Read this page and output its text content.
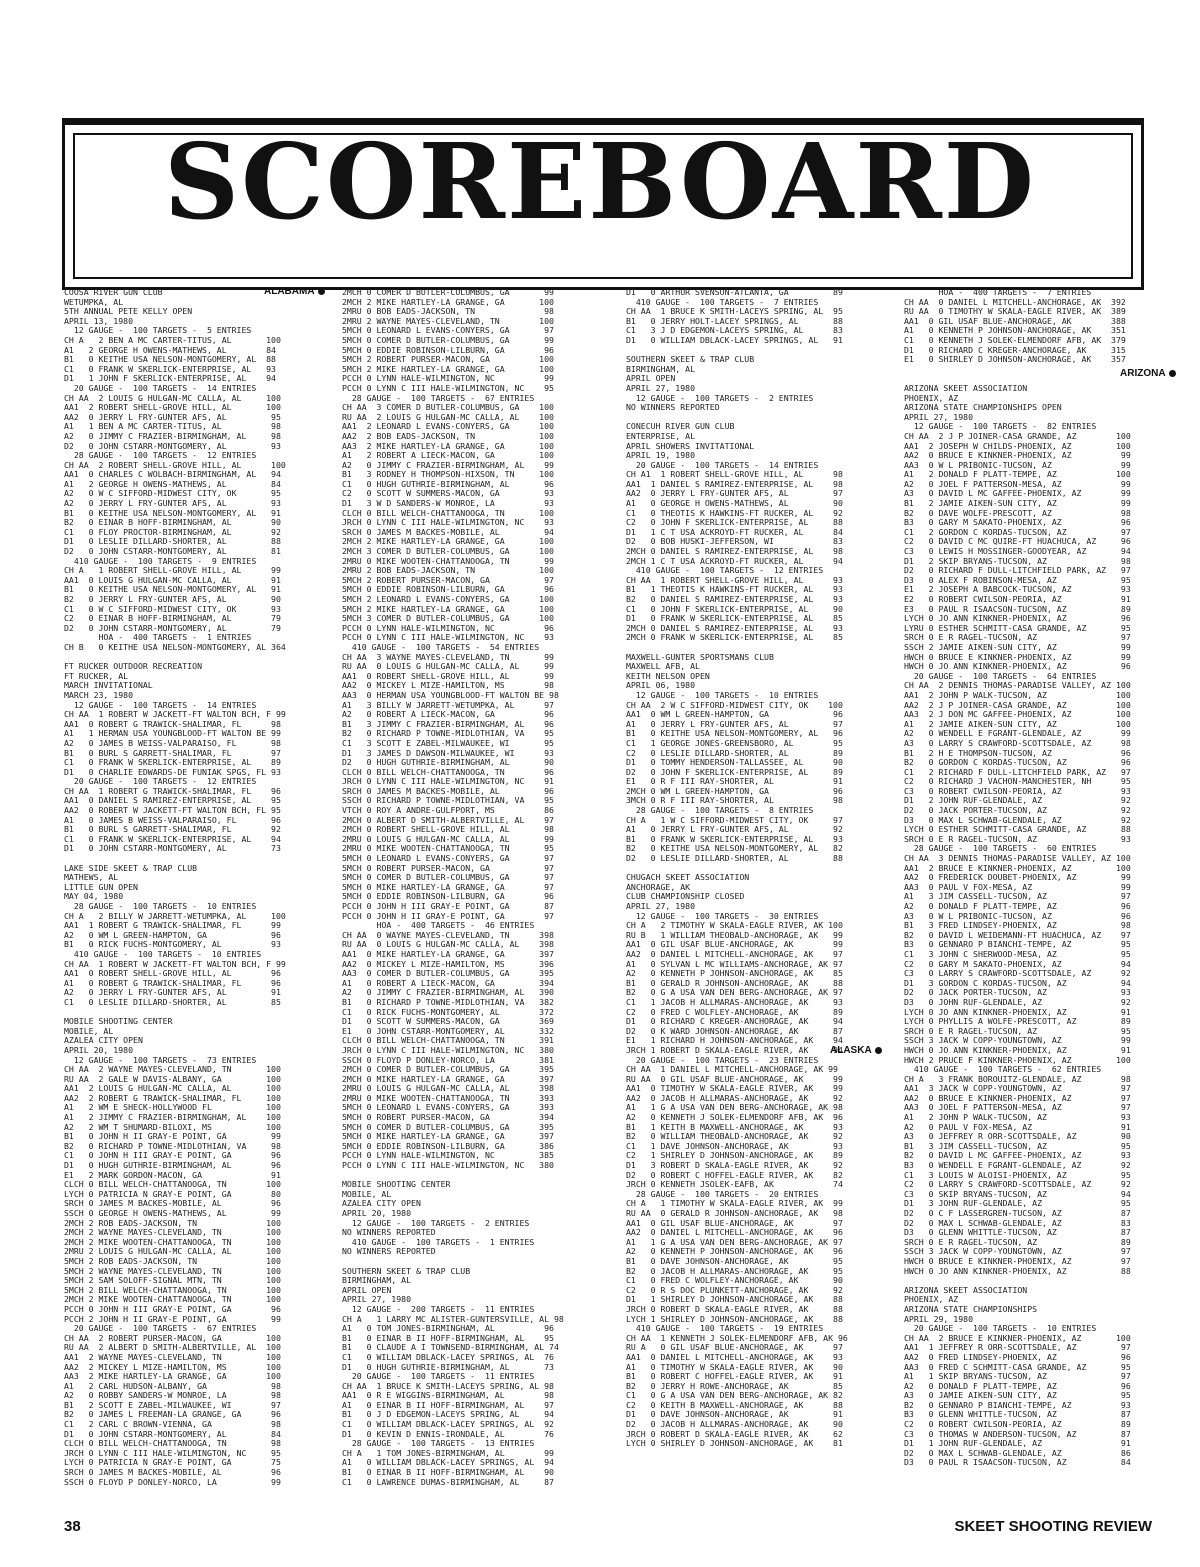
SCOREBOARD
COOSA RIVER GUN CLUB
WETUMPKA, AL
5TH ANNUAL PETE KELLY OPEN
APRIL 13, 1980
12 GAUGE -  100 TARGETS -  5 ENTRIES
CH A   2 BEN A MC CARTER-TITUS, AL       100
A1   2 GEORGE H OWENS-MATHEWS, AL        84
B1   0 KEITHE USA NELSON-MONTGOMERY, AL  88
C1   0 FRANK W SKERLICK-ENTERPRISE, AL   93
D1   1 JOHN F SKERLICK-ENTERPRISE, AL    94
20 GAUGE -  100 TARGETS -  14 ENTRIES
CH AA  2 LOUIS G HULGAN-MC CALLA, AL     100
AA1  2 ROBERT SHELL-GROVE HILL, AL       100
AA2  0 JERRY L FRY-GUNTER AFS, AL         95
A1   1 BEN A MC CARTER-TITUS, AL          98
A2   0 JIMMY C FRAZIER-BIRMINGHAM, AL     98
D2   0 JOHN CSTARR-MONTGOMERY, AL         93
28 GAUGE -  100 TARGETS -  12 ENTRIES
CH AA  2 ROBERT SHELL-GROVE HILL, AL      100
AA1  0 CHARLES C WOLBACH-BIRMINGHAM, AL   94
A1   2 GEORGE H OWENS-MATHEWS, AL         84
A2   0 W C SIFFORD-MIDWEST CITY, OK       95
A2   0 JERRY L FRY-GUNTER AFS, AL         93
B1   0 KEITHE USA NELSON-MONTGOMERY, AL   91
B2   0 EINAR B HOFF-BIRMINGHAM, AL        90
C1   0 FLOY PROCTOR-BIRMINGHAM, AL        92
D1   0 LESLIE DILLARD-SHORTER, AL         88
D2   0 JOHN CSTARR-MONTGOMERY, AL         81
410 GAUGE -  100 TARGETS -  9 ENTRIES
CH A   1 ROBERT SHELL-GROVE HILL, AL      99
AA1  0 LOUIS G HULGAN-MC CALLA, AL        91
B1   0 KEITHE USA NELSON-MONTGOMERY, AL   91
B2   0 JERRY L FRY-GUNTER AFS, AL         90
C1   0 W C SIFFORD-MIDWEST CITY, OK       93
C2   0 EINAR B HOFF-BIRMINGHAM, AL        79
D2   0 JOHN CSTARR-MONTGOMERY, AL         79
HOA -  400 TARGETS -  1 ENTRIES
CH B   0 KEITHE USA NELSON-MONTGOMERY, AL 364
FT RUCKER OUTDOOR RECREATION
FT RUCKER, AL
MARCH INVITATIONAL
MARCH 23, 1980
12 GAUGE -  100 TARGETS -  14 ENTRIES
CH AA  1 ROBERT W JACKETT-FT WALTON BCH, F 99
AA1  0 ROBERT G TRAWICK-SHALIMAR, FL      98
A1   1 HERMAN USA YOUNGBLOOD-FT WALTON BE 99
A2   0 JAMES B WEISS-VALPARAISO, FL       98
B1   0 BURL S GARRETT-SHALIMAR, FL        97
C1   0 FRANK W SKERLICK-ENTERPRISE, AL    89
D1   0 CHARLIE EDWARDS-DE FUNIAK SPGS, FL 93
20 GAUGE -  100 TARGETS -  12 ENTRIES
CH AA  1 ROBERT G TRAWICK-SHALIMAR, FL    96
AA1  0 DANIEL S RAMIREZ-ENTERPRISE, AL    95
AA2  0 ROBERT W JACKETT-FT WALTON BCH, FL 95
A1   0 JAMES B WEISS-VALPARAISO, FL       96
B1   0 BURL S GARRETT-SHALIMAR, FL        92
C1   0 FRANK W SKERLICK-ENTERPRISE, AL    94
D1   0 JOHN CSTARR-MONTGOMERY, AL         73
LAKE SIDE SKEET & TRAP CLUB
MATHEWS, AL
LITTLE GUN OPEN
MAY 04, 1980
28 GAUGE -  100 TARGETS -  10 ENTRIES
CH A   2 BILLY W JARRETT-WETUMPKA, AL     100
AA1  1 ROBERT G TRAWICK-SHALIMAR, FL      99
A2   0 WM L GREEN-HAMPTON, GA             96
B1   0 RICK FUCHS-MONTGOMERY, AL          93
410 GAUGE -  100 TARGETS -  10 ENTRIES
CH AA  1 ROBERT W JACKETT-FT WALTON BCH, F 99
AA1  0 ROBERT SHELL-GROVE HILL, AL        96
A1   0 ROBERT G TRAWICK-SHALIMAR, FL      96
A2   0 JERRY L FRY-GUNTER AFS, AL         91
C1   0 LESLIE DILLARD-SHORTER, AL         85
MOBILE SHOOTING CENTER
MOBILE, AL
AZALEA CITY OPEN
APRIL 20, 1980
12 GAUGE -  100 TARGETS -  73 ENTRIES
CH AA  2 WAYNE MAYES-CLEVELAND, TN       100
RU AA  2 GALE W DAVIS-ALBANY, GA         100
AA1  2 LOUIS G HULGAN-MC CALLA, AL       100
AA2  2 ROBERT G TRAWICK-SHALIMAR, FL     100
A1   2 WM E SHECK-HOLLYWOOD FL           100
A1   2 JIMMY C FRAZIER-BIRMINGHAM, AL    100
A2   2 WM T SHUMARD-BILOXI, MS           100
B1   0 JOHN H II GRAY-E POINT, GA         99
B2   0 RICHARD P TOWNE-MIDLOTHIAN, VA     98
C1   0 JOHN H III GRAY-E POINT, GA        96
D1   0 HUGH GUTHRIE-BIRMINGHAM, AL        96
E1   2 MARK GORDON-MACON, GA              91
CLCH 0 BILL WELCH-CHATTANOOGA, TN        100
LYCH 0 PATRICIA N GRAY-E POINT, GA        80
SRCH 0 JAMES M BACKES-MOBILE, AL          96
SSCH 0 GEORGE H OWENS-MATHEWS, AL         99
2MCH 2 ROB EADS-JACKSON, TN              100
2MCH 2 WAYNE MAYES-CLEVELAND, TN         100
2MCH 2 MIKE WOOTEN-CHATTANOOGA, TN       100
2MRU 2 LOUIS G HULGAN-MC CALLA, AL       100
5MCH 2 ROB EADS-JACKSON, TN              100
5MCH 2 WAYNE MAYES-CLEVELAND, TN         100
5MCH 2 SAM SOLOFF-SIGNAL MTN, TN         100
5MCH 2 BILL WELCH-CHATTANOOGA, TN        100
2MCH 2 MIKE WOOTEN-CHATTANOOGA, TN       100
PCCH 0 JOHN H III GRAY-E POINT, GA        96
PCCH 2 JOHN H II GRAY-E POINT, GA         99
20 GAUGE -  100 TARGETS -  67 ENTRIES
CH AA  2 ROBERT PURSER-MACON, GA         100
RU AA  2 ALBERT D SMITH-ALBERTVILLE, AL  100
AA1  2 WAYNE MAYES-CLEVELAND, TN         100
AA2  2 MICKEY L MIZE-HAMILTON, MS        100
AA3  2 MIKE HARTLEY-LA GRANGE, GA        100
A1   2 CARL HUDSON-ALBANY, GA             98
A2   0 ROBBY SANDERS-W MONROE, LA         98
B1   2 SCOTT E ZABEL-MILWAUKEE, WI        97
B2   0 JAMES L FREEMAN-LA GRANGE, GA      96
C1   2 CARL C BROWN-VIENNA, GA            98
D1   0 JOHN CSTARR-MONTGOMERY, AL         84
CLCH 0 BILL WELCH-CHATTANOOGA, TN         98
JRCH 0 LYNN C III HALE-WILMINGTON, NC     95
LYCH 0 PATRICIA N GRAY-E POINT, GA        75
SRCH 0 JAMES M BACKES-MOBILE, AL          96
SSCH 0 FLOYD P DONLEY-NORCO, LA           99
2MCH 0 COMER D BUTLER-COLUMBUS, GA       99
2MCH 2 MIKE HARTLEY-LA GRANGE, GA       100
2MRU 0 BOB EADS-JACKSON, TN              98
2MRU 2 WAYNE MAYES-CLEVELAND, TN        100
5MCH 0 LEONARD L EVANS-CONYERS, GA       97
5MCH 0 COMER D BUTLER-COLUMBUS, GA       99
5MCH 0 EDDIE ROBINSON-LILBURN, GA        96
5MCH 2 ROBERT PURSER-MACON, GA          100
5MCH 2 MIKE HARTLEY-LA GRANGE, GA       100
PCCH 0 LYNN HALE-WILMINGTON, NC          99
PCCH 0 LYNN C III HALE-WILMINGTON, NC    95
28 GAUGE -  100 TARGETS -  67 ENTRIES
CH AA  3 COMER D BUTLER-COLUMBUS, GA    100
RU AA  2 LOUIS G HULGAN-MC CALLA, AL    100
AA1  2 LEONARD L EVANS-CONYERS, GA      100
AA2  2 BOB EADS-JACKSON, TN             100
AA3  2 MIKE HARTLEY-LA GRANGE, GA       100
A1   2 ROBERT A LIECK-MACON, GA         100
A2   0 JIMMY C FRAZIER-BIRMINGHAM, AL    99
B1   3 RODNEY H THOMPSON-HIXSON, TN     100
C1   0 HUGH GUTHRIE-BIRMINGHAM, AL       96
C2   0 SCOTT W SUMMERS-MACON, GA         93
D1   3 W D SANDERS-W MONROE, LA          93
CLCH 0 BILL WELCH-CHATTANOOGA, TN       100
JRCH 0 LYNN C III HALE-WILMINGTON, NC    93
SRCH 0 JAMES M BACKES-MOBILE, AL         94
2MCH 2 MIKE HARTLEY-LA GRANGE, GA       100
2MCH 3 COMER D BUTLER-COLUMBUS, GA      100
2MRU 0 MIKE WOOTEN-CHATTANOOGA, TN       99
2MRU 2 BOB EADS-JACKSON, TN             100
5MCH 2 ROBERT PURSER-MACON, GA           97
5MCH 0 EDDIE ROBINSON-LILBURN, GA        96
5MCH 2 LEONARD L EVANS-CONYERS, GA      100
5MCH 2 MIKE HARTLEY-LA GRANGE, GA       100
5MCH 3 COMER D BUTLER-COLUMBUS, GA      100
PCCH 0 LYNN HALE-WILMINGTON, NC          96
PCCH 0 LYNN C III HALE-WILMINGTON, NC    93
410 GAUGE -  100 TARGETS -  54 ENTRIES
CH AA  3 WAYNE MAYES-CLEVELAND, TN       99
RU AA  0 LOUIS G HULGAN-MC CALLA, AL     99
AA1  0 ROBERT SHELL-GROVE HILL, AL       99
AA2  0 MICKEY L MIZE-HAMILTON, MS        98
AA3  0 HERMAN USA YOUNGBLOOD-FT WALTON BE 98
A1   3 BILLY W JARRETT-WETUMPKA, AL      97
A2   0 ROBERT A LIECK-MACON, GA          96
B1   3 JIMMY C FRAZIER-BIRMINGHAM, AL    96
B2   0 RICHARD P TOWNE-MIDLOTHIAN, VA    95
C1   3 SCOTT E ZABEL-MILWAUKEE, WI       95
D1   3 JAMES D DAWSON-MILWAUKEE, WI      93
D2   0 HUGH GUTHRIE-BIRMINGHAM, AL       90
CLCH 0 BILL WELCH-CHATTANOOGA, TN        96
JRCH 0 LYNN C III HALE-WILMINGTON, NC    91
SRCH 0 JAMES M BACKES-MOBILE, AL         96
SSCH 0 RICHARD P TOWNE-MIDLOTHIAN, VA    95
VTCH 0 ROY A ANDRE-GULFPORT, MS          86
2MCH 0 ALBERT D SMITH-ALBERTVILLE, AL    97
2MCH 0 ROBERT SHELL-GROVE HILL, AL       98
2MRU 0 LOUIS G HULGAN-MC CALLA, AL       99
2MRU 0 MIKE WOOTEN-CHATTANOOGA, TN       95
5MCH 0 LEONARD L EVANS-CONYERS, GA       97
5MCH 0 ROBERT PURSER-MACON, GA           97
5MCH 0 COMER D BUTLER-COLUMBUS, GA       97
5MCH 0 MIKE HARTLEY-LA GRANGE, GA        97
5MCH 0 EDDIE ROBINSON-LILBURN, GA        96
PCCH 0 JOHN H III GRAY-E POINT, GA       87
PCCH 0 JOHN H II GRAY-E POINT, GA        97
HOA -  400 TARGETS -  46 ENTRIES
CH AA  0 WAYNE MAYES-CLEVELAND, TN      398
RU AA  0 LOUIS G HULGAN-MC CALLA, AL    398
AA1  0 MIKE HARTLEY-LA GRANGE, GA       397
AA2  0 MICKEY L MIZE-HAMILTON, MS       396
AA3  0 COMER D BUTLER-COLUMBUS, GA      395
A1   0 ROBERT A LIECK-MACON, GA         394
A2   0 JIMMY C FRAZIER-BIRMINGHAM, AL   390
B1   0 RICHARD P TOWNE-MIDLOTHIAN, VA   382
C1   0 RICK FUCHS-MONTGOMERY, AL        372
D1   0 SCOTT W SUMMERS-MACON, GA        369
E1   0 JOHN CSTARR-MONTGOMERY, AL       332
CLCH 0 BILL WELCH-CHATTANOOGA, TN       391
JRCH 0 LYNN C III HALE-WILMINGTON, NC   380
SSCH 0 FLOYD P DONLEY-NORCO, LA         381
2MCH 0 COMER D BUTLER-COLUMBUS, GA      395
2MCH 0 MIKE HARTLEY-LA GRANGE, GA       397
2MRU 0 LOUIS G HULGAN-MC CALLA, AL      398
2MRU 0 MIKE WOOTEN-CHATTANOOGA, TN      393
5MCH 0 LEONARD L EVANS-CONYERS, GA      393
5MCH 0 ROBERT PURSER-MACON, GA          394
5MCH 0 COMER D BUTLER-COLUMBUS, GA      395
5MCH 0 MIKE HARTLEY-LA GRANGE, GA       397
5MCH 0 EDDIE ROBINSON-LILBURN, GA       386
PCCH 0 LYNN HALE-WILMINGTON, NC         385
PCCH 0 LYNN C III HALE-WILMINGTON, NC   380
MOBILE SHOOTING CENTER
MOBILE, AL
AZALEA CITY OPEN
APRIL 20, 1980
12 GAUGE -  100 TARGETS -  2 ENTRIES
NO WINNERS REPORTED
410 GAUGE -  100 TARGETS -  1 ENTRIES
NO WINNERS REPORTED
SOUTHERN SKEET & TRAP CLUB
BIRMINGHAM, AL
APRIL OPEN
APRIL 27, 1980
12 GAUGE -  200 TARGETS -  11 ENTRIES
CH A   1 LARRY MC ALISTER-GUNTERSVILLE, AL 98
A1   0 TOM JONES-BIRMINGHAM, AL          96
B1   0 EINAR B II HOFF-BIRMINGHAM, AL    95
B1   0 CLAUDE A I TOWNSEND-BIRMINGHAM, AL 74
C1   0 WILLIAM DBLACK-LACEY SPRINGS, AL  76
D1   0 HUGH GUTHRIE-BIRMINGHAM, AL       73
20 GAUGE -  100 TARGETS -  11 ENTRIES
CH AA  1 BRUCE K SMITH-LACEYS SPRING, AL 98
AA1  0 R E WIGGINS-BIRMINGHAM, AL        98
A1   0 EINAR B II HOFF-BIRMINGHAM, AL    97
B1   0 J D EDGEMON-LACEYS SPRING, AL     94
C1   0 WILLIAM DBLACK-LACEY SPRINGS, AL  92
D1   0 KEVIN D ENNIS-IRONDALE, AL        76
28 GAUGE -  100 TARGETS -  13 ENTRIES
CH A   1 TOM JONES-BIRMINGHAM, AL        99
A1   0 WILLIAM DBLACK-LACEY SPRINGS, AL  94
B1   0 EINAR B II HOFF-BIRMINGHAM, AL    90
C1   0 LAWRENCE DUMAS-BIRMINGHAM, AL     87
D1   0 ARTHUR SVENSON-ATLANTA, GA         89
410 GAUGE -  100 TARGETS -  7 ENTRIES
CH AA  1 BRUCE K SMITH-LACEYS SPRING, AL  95
B1   0 JERRY HOLT-LACEY SPRINGS, AL       88
C1   3 J D EDGEMON-LACEYS SPRING, AL      83
D1   0 WILLIAM DBLACK-LACEY SPRINGS, AL   91
SOUTHERN SKEET & TRAP CLUB
BIRMINGHAM, AL
APRIL OPEN
APRIL 27, 1980
12 GAUGE -  100 TARGETS -  2 ENTRIES
NO WINNERS REPORTED
CONECUH RIVER GUN CLUB
ENTERPRISE, AL
APRIL SHOWERS INVITATIONAL
APRIL 19, 1980
20 GAUGE -  100 TARGETS -  14 ENTRIES
CH A1  1 ROBERT SHELL-GROVE HILL, AL      98
AA1  1 DANIEL S RAMIREZ-ENTERPRISE, AL    98
AA2  0 JERRY L FRY-GUNTER AFS, AL         97
A1   0 GEORGE H OWENS-MATHEWS, AL         90
C1   0 THEOTIS K HAWKINS-FT RUCKER, AL    92
C2   0 JOHN F SKERLICK-ENTERPRISE, AL     88
D1   1 C T USA ACKROYD-FT RUCKER, AL      84
D2   0 BOB HUSKI-JEFFERSON, WI            83
2MCH 0 DANIEL S RAMIREZ-ENTERPRISE, AL    98
2MCH 1 C T USA ACKROYD-FT RUCKER, AL      94
410 GAUGE -  100 TARGETS -  12 ENTRIES
CH AA  1 ROBERT SHELL-GROVE HILL, AL      93
B1   1 THEOTIS K HAWKINS-FT RUCKER, AL    93
B2   0 DANIEL S RAMIREZ-ENTERPRISE, AL    93
C1   0 JOHN F SKERLICK-ENTERPRISE, AL     90
D1   0 FRANK W SKERLICK-ENTERPRISE, AL    85
2MCH 0 DANIEL S RAMIREZ-ENTERPRISE, AL    93
2MCH 0 FRANK W SKERLICK-ENTERPRISE, AL    85
MAXWELL-GUNTER SPORTSMANS CLUB
MAXWELL AFB, AL
KEITH NELSON OPEN
APRIL 06, 1980
12 GAUGE -  100 TARGETS -  10 ENTRIES
CH AA  2 W C SIFFORD-MIDWEST CITY, OK    100
AA1  0 WM L GREEN-HAMPTON, GA             96
A1   0 JERRY L FRY-GUNTER AFS, AL         97
B1   0 KEITHE USA NELSON-MONTGOMERY, AL   96
C1   1 GEORGE JONES-GREENSBORO, AL        95
C2   0 LESLIE DILLARD-SHORTER, AL         89
D1   0 TOMMY HENDERSON-TALLASSEE, AL      90
D2   0 JOHN F SKERLICK-ENTERPRISE, AL     89
E1   0 R F III RAY-SHORTER, AL            91
2MCH 0 WM L GREEN-HAMPTON, GA             96
3MCH 0 R F III RAY-SHORTER, AL            98
28 GAUGE -  100 TARGETS -  8 ENTRIES
CH A   1 W C SIFFORD-MIDWEST CITY, OK     97
A1   0 JERRY L FRY-GUNTER AFS, AL         92
B1   0 FRANK W SKERLICK-ENTERPRISE, AL    93
B2   0 KEITHE USA NELSON-MONTGOMERY, AL   82
D2   0 LESLIE DILLARD-SHORTER, AL         88
CHUGACH SKEET ASSOCIATION
ANCHORAGE, AK
CLUB CHAMPIONSHIP CLOSED
APRIL 27, 1980
12 GAUGE -  100 TARGETS -  30 ENTRIES
CH A   2 TIMOTHY W SKALA-EAGLE RIVER, AK 100
RU B   1 WILLIAM THEOBALD-ANCHORAGE, AK   99
AA1  0 GIL USAF BLUE-ANCHORAGE, AK        99
AA2  0 DANIEL L MITCHELL-ANCHORAGE, AK    97
A1   0 SYLVAN L MC WILLIAMS-ANCHORAGE, AK 97
A2   0 KENNETH P JOHNSON-ANCHORAGE, AK    85
B1   0 GERALD R JOHNSON-ANCHORAGE, AK     88
B2   0 G A USA VAN DEN BERG-ANCHORAGE, AK 97
C1   1 JACOB H ALLMARAS-ANCHORAGE, AK     93
C2   0 FRED C WOLFLEY-ANCHORAGE, AK       89
D1   0 RICHARD C KREGER-ANCHORAGE, AK     94
D2   0 K WARD JOHNSON-ANCHORAGE, AK       87
E1   1 RICHARD H JOHNSON-ANCHORAGE, AK    94
JRCH 1 ROBERT D SKALA-EAGLE RIVER, AK     94
20 GAUGE -  100 TARGETS -  23 ENTRIES
CH AA  1 DANIEL L MITCHELL-ANCHORAGE, AK 99
RU AA  0 GIL USAF BLUE-ANCHORAGE, AK      99
AA1  0 TIMOTHY W SKALA-EAGLE RIVER, AK    99
AA2  0 JACOB H ALLMARAS-ANCHORAGE, AK     92
A1   1 G A USA VAN DEN BERG-ANCHORAGE, AK 98
A2   0 KENNETH J SOLEK-ELMENDORF AFB, AK  96
B1   1 KEITH B MAXWELL-ANCHORAGE, AK      93
B2   0 WILLIAM THEOBALD-ANCHORAGE, AK     92
C1   1 DAVE JOHNSON-ANCHORAGE, AK         93
C2   1 SHIRLEY D JOHNSON-ANCHORAGE, AK    89
D1   3 ROBERT D SKALA-EAGLE RIVER, AK     92
D2   0 ROBERT C HOFFEL-EAGLE RIVER, AK    82
JRCH 0 KENNETH JSOLEK-EAFB, AK            74
28 GAUGE -  100 TARGETS -  20 ENTRIES
CH A   1 TIMOTHY W SKALA-EAGLE RIVER, AK  99
RU AA  0 GERALD R JOHNSON-ANCHORAGE, AK   98
AA1  0 GIL USAF BLUE-ANCHORAGE, AK        97
AA2  0 DANIEL L MITCHELL-ANCHORAGE, AK    96
A1   1 G A USA VAN DEN BERG-ANCHORAGE, AK 97
A2   0 KENNETH P JOHNSON-ANCHORAGE, AK    96
B1   0 DAVE JOHNSON-ANCHORAGE, AK         95
B2   0 JACOB H ALLMARAS-ANCHORAGE, AK     95
C1   0 FRED C WOLFLEY-ANCHORAGE, AK       90
C2   0 R S DOC PLUNKETT-ANCHORAGE, AK     92
D1   1 SHIRLEY D JOHNSON-ANCHORAGE, AK    88
JRCH 0 ROBERT D SKALA-EAGLE RIVER, AK     88
LYCH 1 SHIRLEY D JOHNSON-ANCHORAGE, AK    88
410 GAUGE -  100 TARGETS -  19 ENTRIES
CH AA  1 KENNETH J SOLEK-ELMENDORF AFB, AK 96
RU A   0 GIL USAF BLUE-ANCHORAGE, AK      97
AA1  0 DANIEL L MITCHELL-ANCHORAGE, AK    93
A1   0 TIMOTHY W SKALA-EAGLE RIVER, AK    90
B1   0 ROBERT C HOFFEL-EAGLE RIVER, AK    91
B2   0 JERRY H ROWE-ANCHORAGE, AK         85
C1   0 G A USA VAN DEN BERG-ANCHORAGE, AK 82
C2   0 KEITH B MAXWELL-ANCHORAGE, AK      88
D1   0 DAVE JOHNSON-ANCHORAGE, AK         91
D2   0 JACOB H ALLMARAS-ANCHORAGE, AK     90
JRCH 0 ROBERT D SKALA-EAGLE RIVER, AK     62
LYCH 0 SHIRLEY D JOHNSON-ANCHORAGE, AK    81
HOA -  400 TARGETS -  7 ENTRIES
CH AA  0 DANIEL L MITCHELL-ANCHORAGE, AK  392
RU AA  0 TIMOTHY W SKALA-EAGLE RIVER, AK  389
AA1  0 GIL USAF BLUE-ANCHORAGE, AK        388
A1   0 KENNETH P JOHNSON-ANCHORAGE, AK    351
C1   0 KENNETH J SOLEK-ELMENDORF AFB, AK  379
D1   0 RICHARD C KREGER-ANCHORAGE, AK     315
E1   0 SHIRLEY D JOHNSON-ANCHORAGE, AK    357
ARIZONA SKEET ASSOCIATION
PHOENIX, AZ
ARIZONA STATE CHAMPIONSHIPS OPEN
APRIL 27, 1980
12 GAUGE -  100 TARGETS -  82 ENTRIES
CH AA  2 J P JOINER-CASA GRANDE, AZ        100
AA1  2 JOSEPH W CHILDS-PHOENIX, AZ         100
AA2  0 BRUCE E KINKNER-PHOENIX, AZ          99
AA3  0 W L PRIBONIC-TUCSON, AZ              99
A1   2 DONALD F PLATT-TEMPE, AZ            100
A2   0 JOEL F PATTERSON-MESA, AZ            99
A3   0 DAVID L MC GAFFEE-PHOENIX, AZ        99
B1   2 JAMIE AIKEN-SUN CITY, AZ             99
B2   0 DAVE WOLFE-PRESCOTT, AZ              98
B3   0 GARY M SAKATO-PHOENIX, AZ            96
C1   2 GORDON C KORDAS-TUCSON, AZ           97
C2   0 DAVID C MC QUIRE-FT HUACHUCA, AZ     96
C3   0 LEWIS H MOSSINGER-GOODYEAR, AZ       94
D1   2 SKIP BRYANS-TUCSON, AZ               98
D2   0 RICHARD F DULL-LITCHFIELD PARK, AZ   97
D3   0 ALEX F ROBINSON-MESA, AZ             95
E1   2 JOSEPH A BABCOCK-TUCSON, AZ          93
E2   0 ROBERT CWILSON-PEORIA, AZ            91
E3   0 PAUL R ISAACSON-TUCSON, AZ           89
LYCH 0 JO ANN KINKNER-PHOENIX, AZ           96
LYRU 0 ESTHER SCHMITT-CASA GRANDE, AZ       95
SRCH 0 E R RAGEL-TUCSON, AZ                 97
SSCH 2 JAMIE AIKEN-SUN CITY, AZ             99
HWCH 0 BRUCE E KINKNER-PHOENIX, AZ          99
HWCH 0 JO ANN KINKNER-PHOENIX, AZ           96
20 GAUGE -  100 TARGETS -  64 ENTRIES
CH AA  2 DENNIS THOMAS-PARADISE VALLEY, AZ 100
AA1  2 JOHN P WALK-TUCSON, AZ              100
AA2  2 J P JOINER-CASA GRANDE, AZ          100
AA3  2 J DON MC GAFFEE-PHOENIX, AZ         100
A1   2 JAMIE AIKEN-SUN CITY, AZ            100
A2   0 WENDELL E FGRANT-GLENDALE, AZ        99
A3   0 LARRY S CRAWFORD-SCOTTSDALE, AZ      98
B1   2 H E THOMPSON-TUCSON, AZ              96
B2   0 GORDON C KORDAS-TUCSON, AZ           96
C1   2 RICHARD F DULL-LITCHFIELD PARK, AZ   97
C2   0 RICHARD J VACHON-MANCHESTER, NH      95
C3   0 ROBERT CWILSON-PEORIA, AZ            93
D1   2 JOHN RUF-GLENDALE, AZ                92
D2   0 JACK PORTER-TUCSON, AZ               92
D3   0 MAX L SCHWAB-GLENDALE, AZ            92
LYCH 0 ESTHER SCHMITT-CASA GRANDE, AZ       88
SRCH 0 E R RAGEL-TUCSON, AZ                 93
28 GAUGE -  100 TARGETS -  60 ENTRIES
CH AA  3 DENNIS THOMAS-PARADISE VALLEY, AZ 100
AA1  2 BRUCE E KINKNER-PHOENIX, AZ         100
AA2  0 FREDERICK DOUBET-PHOENIX, AZ         99
AA3  0 PAUL V FOX-MESA, AZ                  99
A1   3 JIM CASSELL-TUCSON, AZ               97
A2   0 DONALD F PLATT-TEMPE, AZ             96
A3   0 W L PRIBONIC-TUCSON, AZ              96
B1   3 FRED LINDSEY-PHOENIX, AZ             98
B2   0 DAVID L WEIDEMANN-FT HUACHUCA, AZ    97
B3   0 GENNARO P BIANCHI-TEMPE, AZ          95
C1   3 JOHN C SHERWOOD-MESA, AZ             95
C2   0 GARY M SAKATO-PHOENIX, AZ            94
C3   0 LARRY S CRAWFORD-SCOTTSDALE, AZ      92
D1   3 GORDON C KORDAS-TUCSON, AZ           94
D2   0 JACK PORTER-TUCSON, AZ               93
D3   0 JOHN RUF-GLENDALE, AZ                92
LYCH 0 JO ANN KINKNER-PHOENIX, AZ           91
LYCH 0 PHYLLIS A WOLFE-PRESCOTT, AZ         89
SRCH 0 E R RAGEL-TUCSON, AZ                 95
SSCH 3 JACK W COPP-YOUNGTOWN, AZ            99
HWCH 0 JO ANN KINKNER-PHOENIX, AZ           91
HWCH 2 PRUCE F KINKNER-PHOENIX, AZ         100
410 GAUGE -  100 TARGETS -  62 ENTRIES
CH A   3 FRANK BOROUITZ-GLENDALE, AZ        98
AA1  3 JACK W COPP-YOUNGTOWN, AZ            97
AA2  0 BRUCE E KINKNER-PHOENIX, AZ          97
AA3  0 JOEL F PATTERSON-MESA, AZ            97
A1   2 JOHN P WALK-TUCSON, AZ               93
A2   0 PAUL V FOX-MESA, AZ                  91
A3   0 JEFFREY R ORR-SCOTTSDALE, AZ         90
B1   3 JIM CASSELL-TUCSON, AZ               95
B2   0 DAVID L MC GAFFEE-PHOENIX, AZ        93
B3   0 WENDELL E FGRANT-GLENDALE, AZ        92
C1   3 LOUIS W ALOISI-PHOENIX, AZ           95
C2   0 LARRY S CRAWFORD-SCOTTSDALE, AZ      92
C3   0 SKIP BRYANS-TUCSON, AZ               94
D1   3 JOHN RUF-GLENDALE, AZ                95
D2   0 C F LASSERGREN-TUCSON, AZ            87
D2   0 MAX L SCHWAB-GLENDALE, AZ            83
D3   0 GLENN WHITTLE-TUCSON, AZ             87
SRCH 0 E R RAGEL-TUCSON, AZ                 89
SSCH 3 JACK W COPP-YOUNGTOWN, AZ            97
HWCH 0 BRUCE E KINKNER-PHOENIX, AZ          97
HWCH 0 JO ANN KINKNER-PHOENIX, AZ           88
ARIZONA SKEET ASSOCIATION
PHOENIX, AZ
ARIZONA STATE CHAMPIONSHIPS
APRIL 29, 1980
20 GAUGE -  100 TARGETS -  10 ENTRIES
CH AA  2 BRUCE E KINKNER-PHOENIX, AZ       100
AA1  1 JEFFREY R ORR-SCOTTSDALE, AZ         97
AA2  0 FRED LINDSEY-PHOENIX, AZ             96
AA3  0 FRED C SCHMITT-CASA GRANDE, AZ       95
A1   1 SKIP BRYANS-TUCSON, AZ               97
A2   0 DONALD F PLATT-TEMPE, AZ             96
A3   0 JAMIE AIKEN-SUN CITY, AZ             95
B2   0 GENNARO P BIANCHI-TEMPE, AZ          93
B3   0 GLENN WHITTLE-TUCSON, AZ             87
C2   0 ROBERT CWILSON-PEORIA, AZ            89
C3   0 THOMAS W ANDERSON-TUCSON, AZ         87
D1   1 JOHN RUF-GLENDALE, AZ                91
D2   0 MAX L SCHWAB-GLENDALE, AZ            86
D3   0 PAUL R ISAACSON-TUCSON, AZ           84
ALABAMA
ALASKA
ARIZONA
38	SKEET SHOOTING REVIEW
